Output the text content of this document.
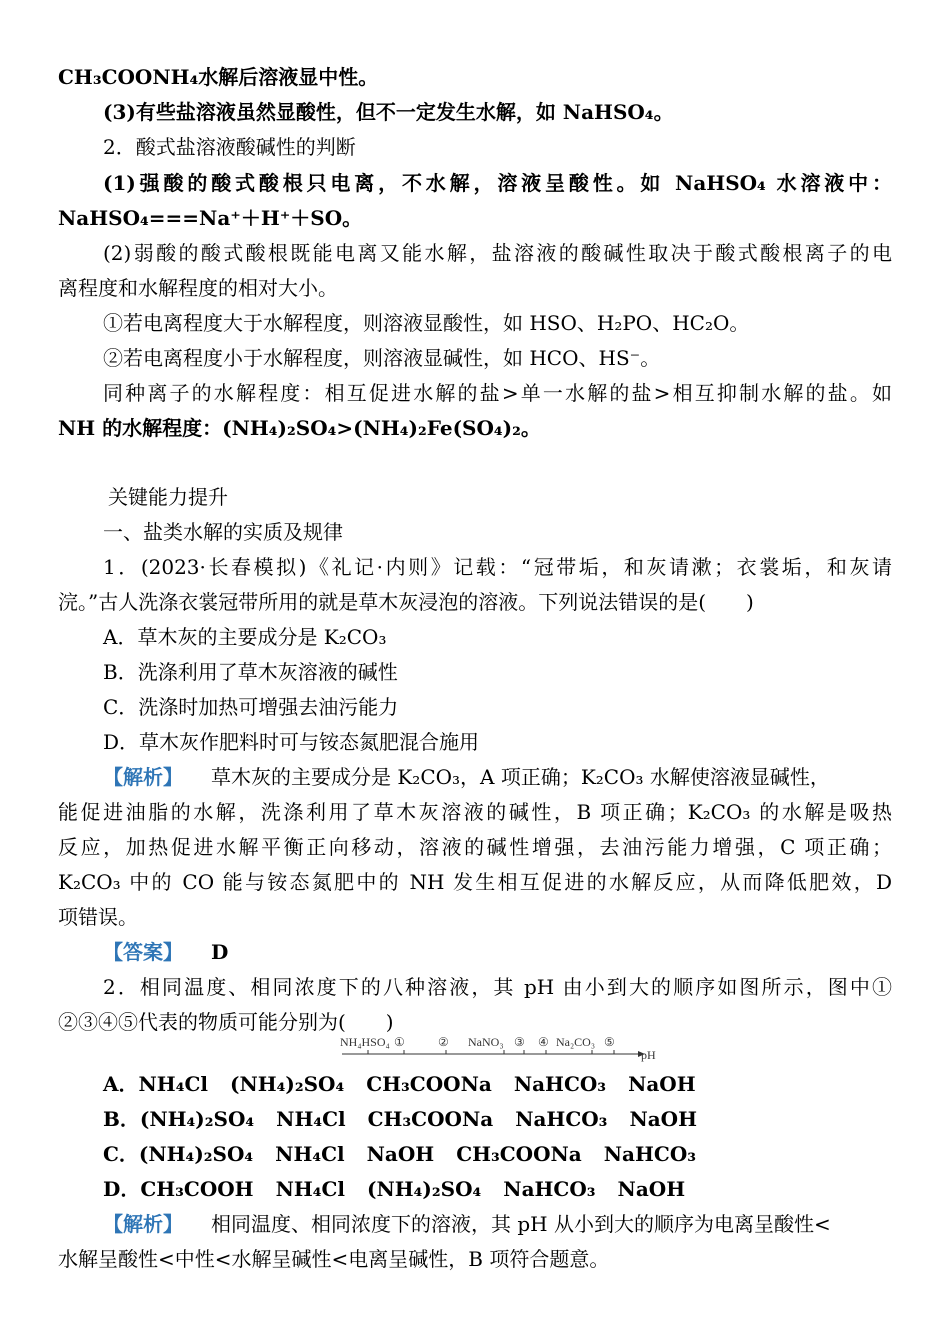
CH₃COONH₄水解后溶液显中性。
(3)有些盐溶液虽然显酸性，但不一定发生水解，如 NaHSO₄。
2．酸式盐溶液酸碱性的判断
(1)强酸的酸式酸根只电离，不水解，溶液呈酸性。如 NaHSO₄ 水溶液中：
NaHSO₄===Na⁺＋H⁺＋SO。
(2)弱酸的酸式酸根既能电离又能水解，盐溶液的酸碱性取决于酸式酸根离子的电
离程度和水解程度的相对大小。
①若电离程度大于水解程度，则溶液显酸性，如 HSO、H₂PO、HC₂O。
②若电离程度小于水解程度，则溶液显碱性，如 HCO、HS⁻。
同种离子的水解程度：相互促进水解的盐>单一水解的盐>相互抑制水解的盐。如
NH 的水解程度：(NH₄)₂SO₄>(NH₄)₂Fe(SO₄)₂。
关键能力提升
一、盐类水解的实质及规律
1．(2023·长春模拟)《礼记·内则》记载：“冠带垢，和灰请漱；衣裳垢，和灰请
浣。”古人洗涤衣裳冠带所用的就是草木灰浸泡的溶液。下列说法错误的是(　　)
A．草木灰的主要成分是 K₂CO₃
B．洗涤利用了草木灰溶液的碱性
C．洗涤时加热可增强去油污能力
D．草木灰作肥料时可与铵态氮肥混合施用
【解析】 草木灰的主要成分是 K₂CO₃，A 项正确；K₂CO₃ 水解使溶液显碱性，
能促进油脂的水解，洗涤利用了草木灰溶液的碱性，B 项正确；K₂CO₃ 的水解是吸热
反应，加热促进水解平衡正向移动，溶液的碱性增强，去油污能力增强，C 项正确；
K₂CO₃ 中的 CO 能与铵态氮肥中的 NH 发生相互促进的水解反应，从而降低肥效，D
项错误。
【答案】 D
2．相同温度、相同浓度下的八种溶液，其 pH 由小到大的顺序如图所示，图中①
②③④⑤代表的物质可能分别为(　　)
NH₄HSO₄ ①	② NaNO₃ ③ ④ Na₂CO₃ ⑤
pH
A．NH₄Cl (NH₄)₂SO₄ CH₃COONa NaHCO₃ NaOH
B．(NH₄)₂SO₄ NH₄Cl CH₃COONa NaHCO₃ NaOH
C．(NH₄)₂SO₄ NH₄Cl NaOH CH₃COONa NaHCO₃
D．CH₃COOH NH₄Cl (NH₄)₂SO₄ NaHCO₃ NaOH
【解析】 相同温度、相同浓度下的溶液，其 pH 从小到大的顺序为电离呈酸性<
水解呈酸性<中性<水解呈碱性<电离呈碱性，B 项符合题意。
